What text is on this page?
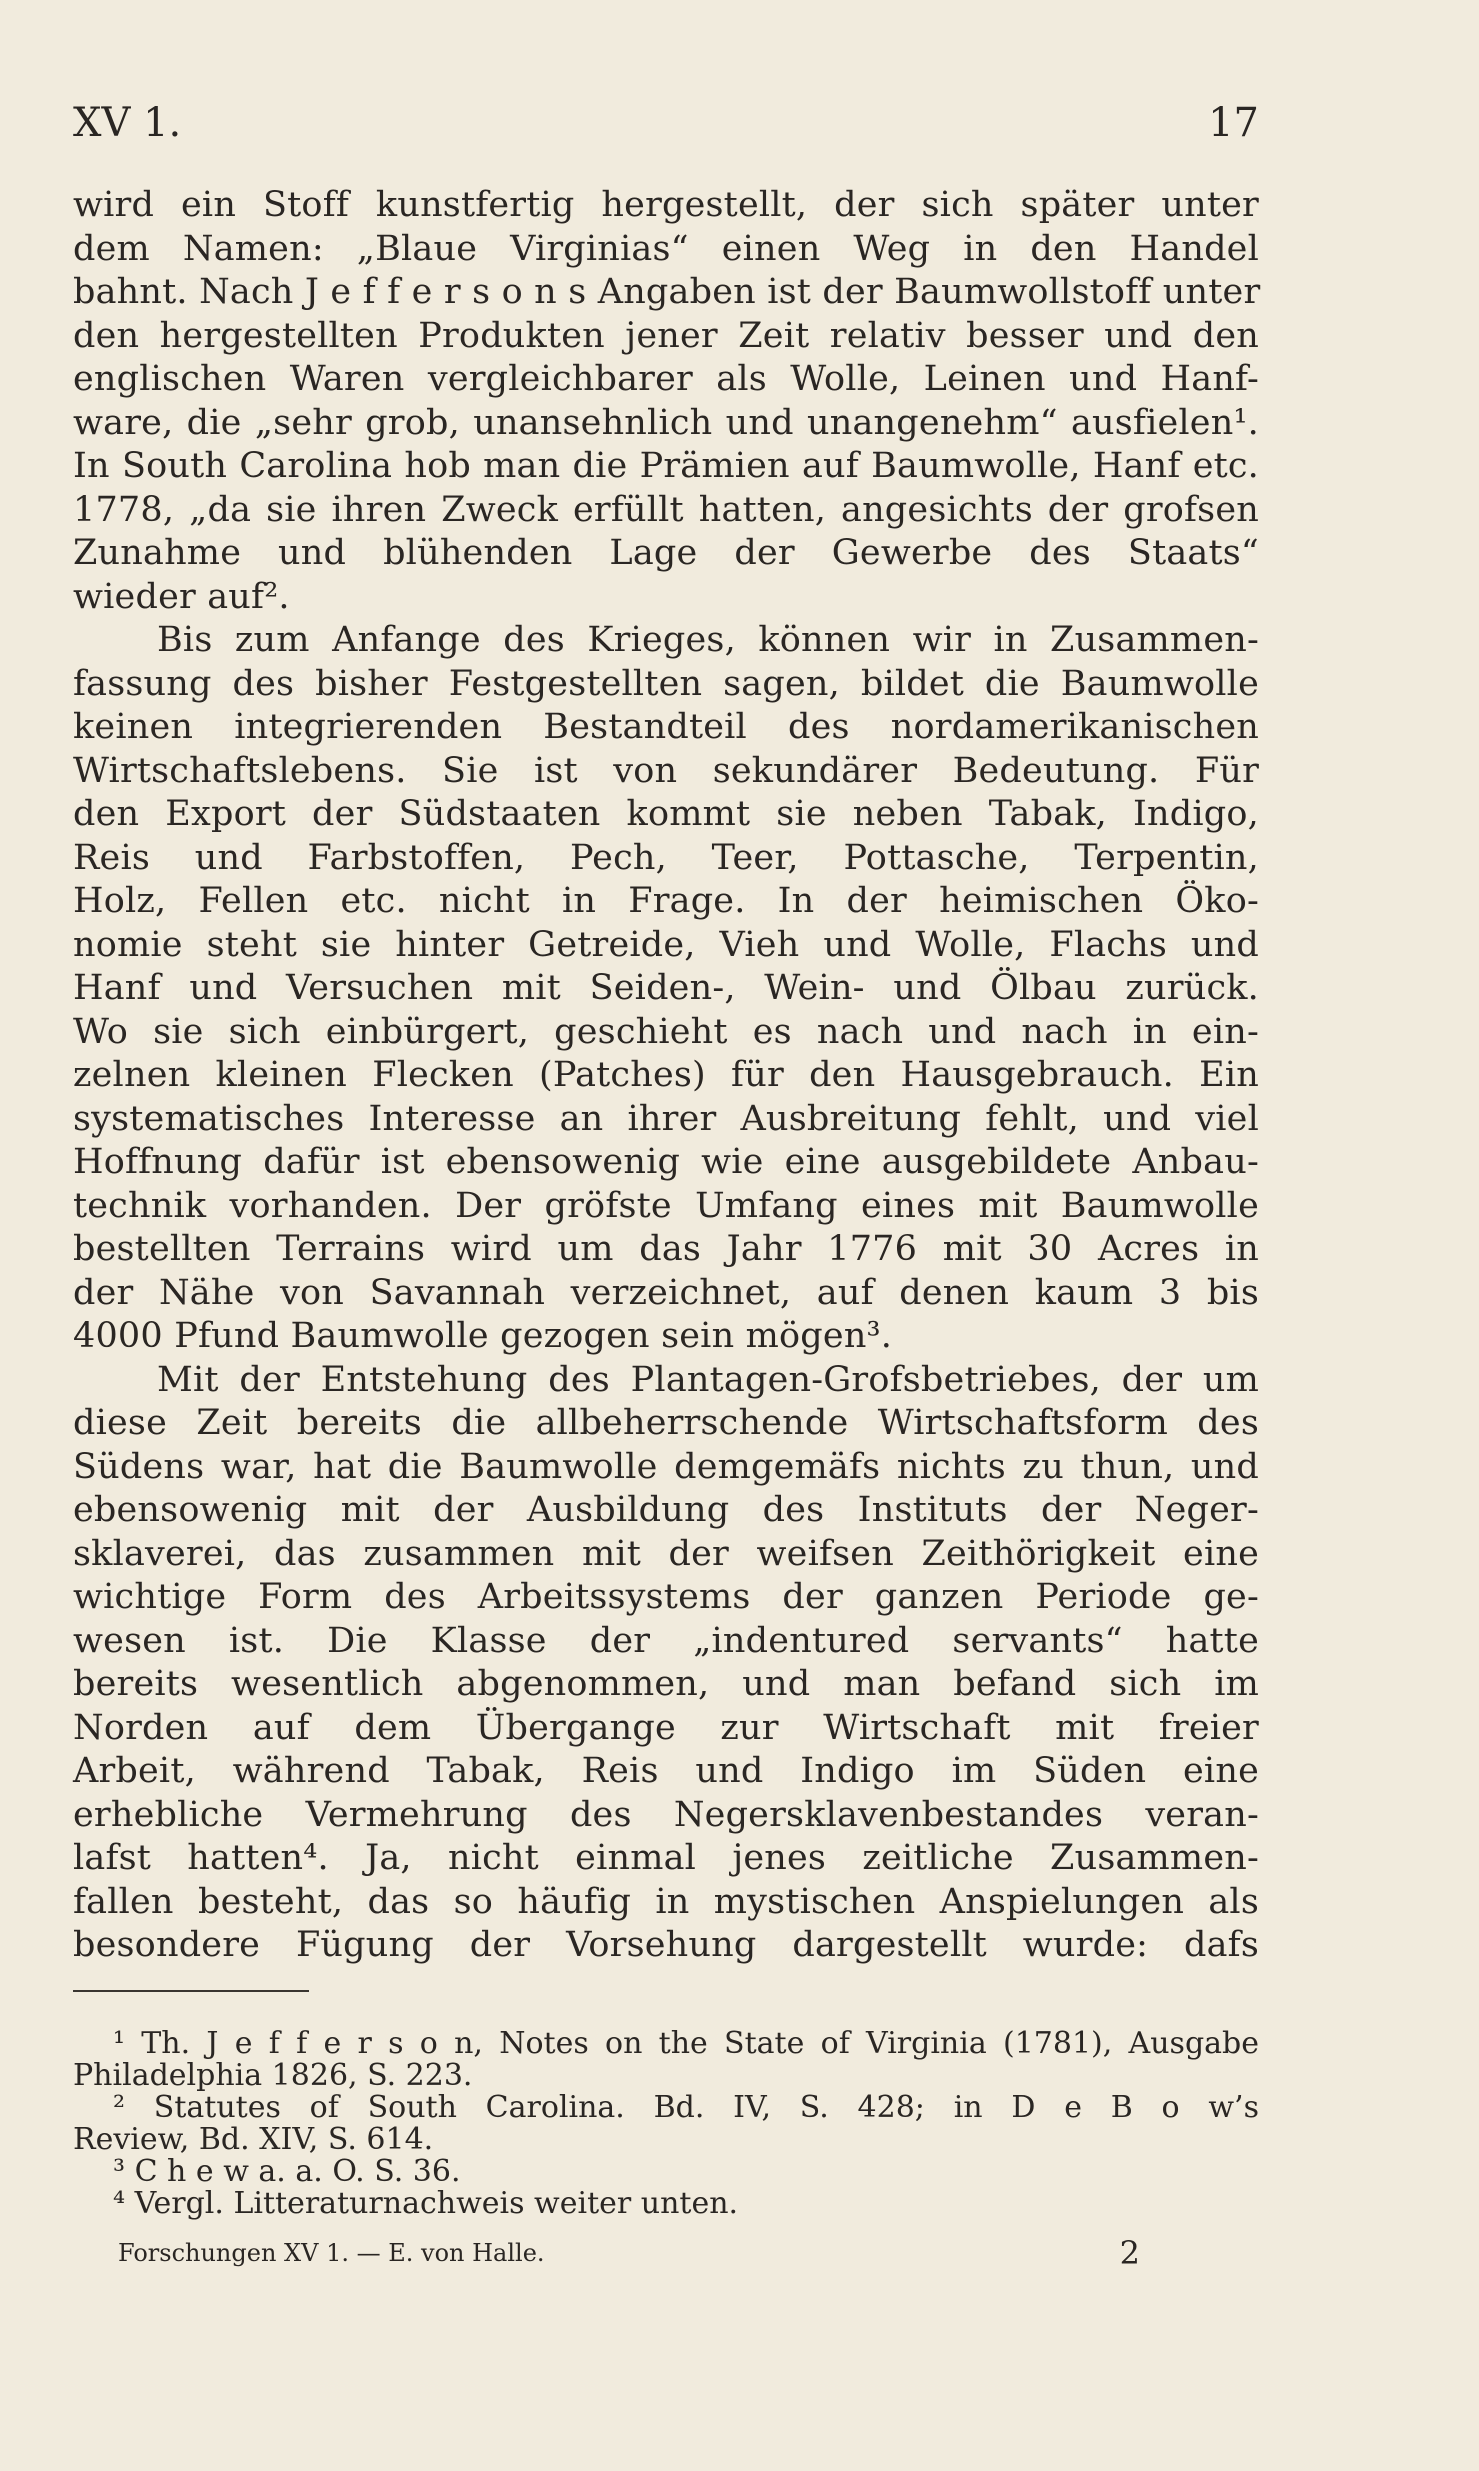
XV 1.	17
wird ein Stoff kunstfertig hergestellt, der sich später unter
dem Namen: „Blaue Virginias“ einen Weg in den Handel
bahnt. Nach J e f f e r s o n s Angaben ist der Baumwollstoff unter
den hergestellten Produkten jener Zeit relativ besser und den
englischen Waren vergleichbarer als Wolle, Leinen und Hanf-
ware, die „sehr grob, unansehnlich und unangenehm“ ausfielen¹.
In South Carolina hob man die Prämien auf Baumwolle, Hanf etc.
1778, „da sie ihren Zweck erfüllt hatten, angesichts der grofsen
Zunahme und blühenden Lage der Gewerbe des Staats“
wieder auf².
Bis zum Anfange des Krieges, können wir in Zusammen-
fassung des bisher Festgestellten sagen, bildet die Baumwolle
keinen integrierenden Bestandteil des nordamerikanischen
Wirtschaftslebens. Sie ist von sekundärer Bedeutung. Für
den Export der Südstaaten kommt sie neben Tabak, Indigo,
Reis und Farbstoffen, Pech, Teer, Pottasche, Terpentin,
Holz, Fellen etc. nicht in Frage. In der heimischen Öko-
nomie steht sie hinter Getreide, Vieh und Wolle, Flachs und
Hanf und Versuchen mit Seiden-, Wein- und Ölbau zurück.
Wo sie sich einbürgert, geschieht es nach und nach in ein-
zelnen kleinen Flecken (Patches) für den Hausgebrauch. Ein
systematisches Interesse an ihrer Ausbreitung fehlt, und viel
Hoffnung dafür ist ebensowenig wie eine ausgebildete Anbau-
technik vorhanden. Der gröfste Umfang eines mit Baumwolle
bestellten Terrains wird um das Jahr 1776 mit 30 Acres in
der Nähe von Savannah verzeichnet, auf denen kaum 3 bis
4000 Pfund Baumwolle gezogen sein mögen³.
Mit der Entstehung des Plantagen-Grofsbetriebes, der um
diese Zeit bereits die allbeherrschende Wirtschaftsform des
Südens war, hat die Baumwolle demgemäfs nichts zu thun, und
ebensowenig mit der Ausbildung des Instituts der Neger-
sklaverei, das zusammen mit der weifsen Zeithörigkeit eine
wichtige Form des Arbeitssystems der ganzen Periode ge-
wesen ist. Die Klasse der „indentured servants“ hatte
bereits wesentlich abgenommen, und man befand sich im
Norden auf dem Übergange zur Wirtschaft mit freier
Arbeit, während Tabak, Reis und Indigo im Süden eine
erhebliche Vermehrung des Negersklavenbestandes veran-
lafst hatten⁴. Ja, nicht einmal jenes zeitliche Zusammen-
fallen besteht, das so häufig in mystischen Anspielungen als
besondere Fügung der Vorsehung dargestellt wurde: dafs
¹ Th. J e f f e r s o n, Notes on the State of Virginia (1781), Ausgabe
Philadelphia 1826, S. 223.
² Statutes of South Carolina. Bd. IV, S. 428; in D e B o w’s
Review, Bd. XIV, S. 614.
³ C h e w a. a. O. S. 36.
⁴ Vergl. Litteraturnachweis weiter unten.
Forschungen XV 1. — E. von Halle.	2
